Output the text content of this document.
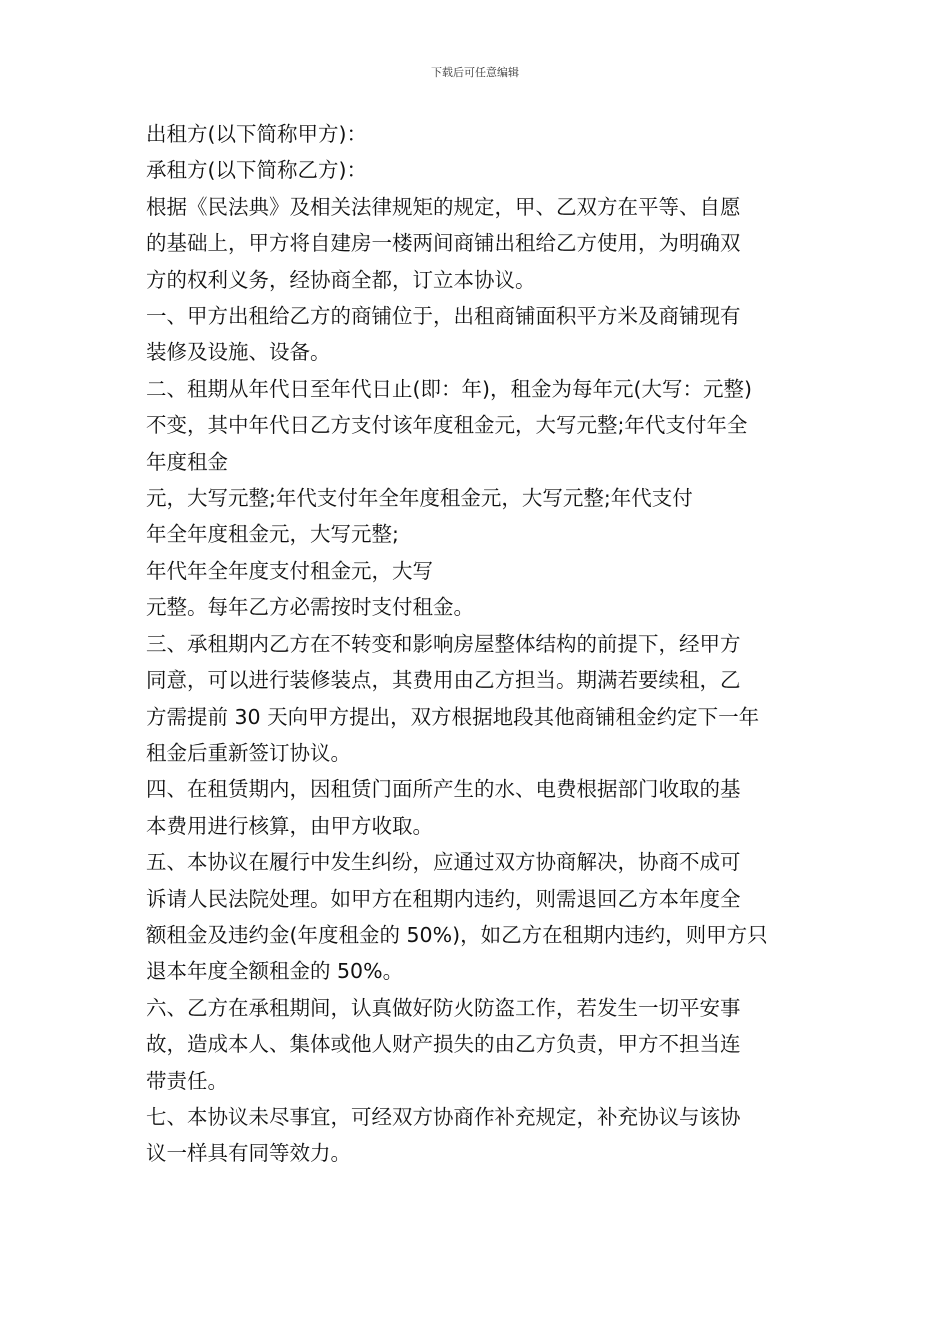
下载后可任意编辑

出租方(以下简称甲方)：

承租方(以下简称乙方)：

根据《民法典》及相关法律规矩的规定，甲、乙双方在平等、自愿

的基础上，甲方将自建房一楼两间商铺出租给乙方使用，为明确双

方的权利义务，经协商全都，订立本协议。

一、甲方出租给乙方的商铺位于，出租商铺面积平方米及商铺现有

装修及设施、设备。

二、租期从年代日至年代日止(即：年)，租金为每年元(大写：元整)

不变，其中年代日乙方支付该年度租金元，大写元整;年代支付年全

年度租金

元，大写元整;年代支付年全年度租金元，大写元整;年代支付

年全年度租金元，大写元整;

年代年全年度支付租金元，大写

元整。每年乙方必需按时支付租金。

三、承租期内乙方在不转变和影响房屋整体结构的前提下，经甲方

同意，可以进行装修装点，其费用由乙方担当。期满若要续租，乙

方需提前 30 天向甲方提出，双方根据地段其他商铺租金约定下一年

租金后重新签订协议。

四、在租赁期内，因租赁门面所产生的水、电费根据部门收取的基

本费用进行核算，由甲方收取。

五、本协议在履行中发生纠纷，应通过双方协商解决，协商不成可

诉请人民法院处理。如甲方在租期内违约，则需退回乙方本年度全

额租金及违约金(年度租金的 50%)，如乙方在租期内违约，则甲方只

退本年度全额租金的 50%。

六、乙方在承租期间，认真做好防火防盗工作，若发生一切平安事

故，造成本人、集体或他人财产损失的由乙方负责，甲方不担当连

带责任。

七、本协议未尽事宜，可经双方协商作补充规定，补充协议与该协

议一样具有同等效力。
